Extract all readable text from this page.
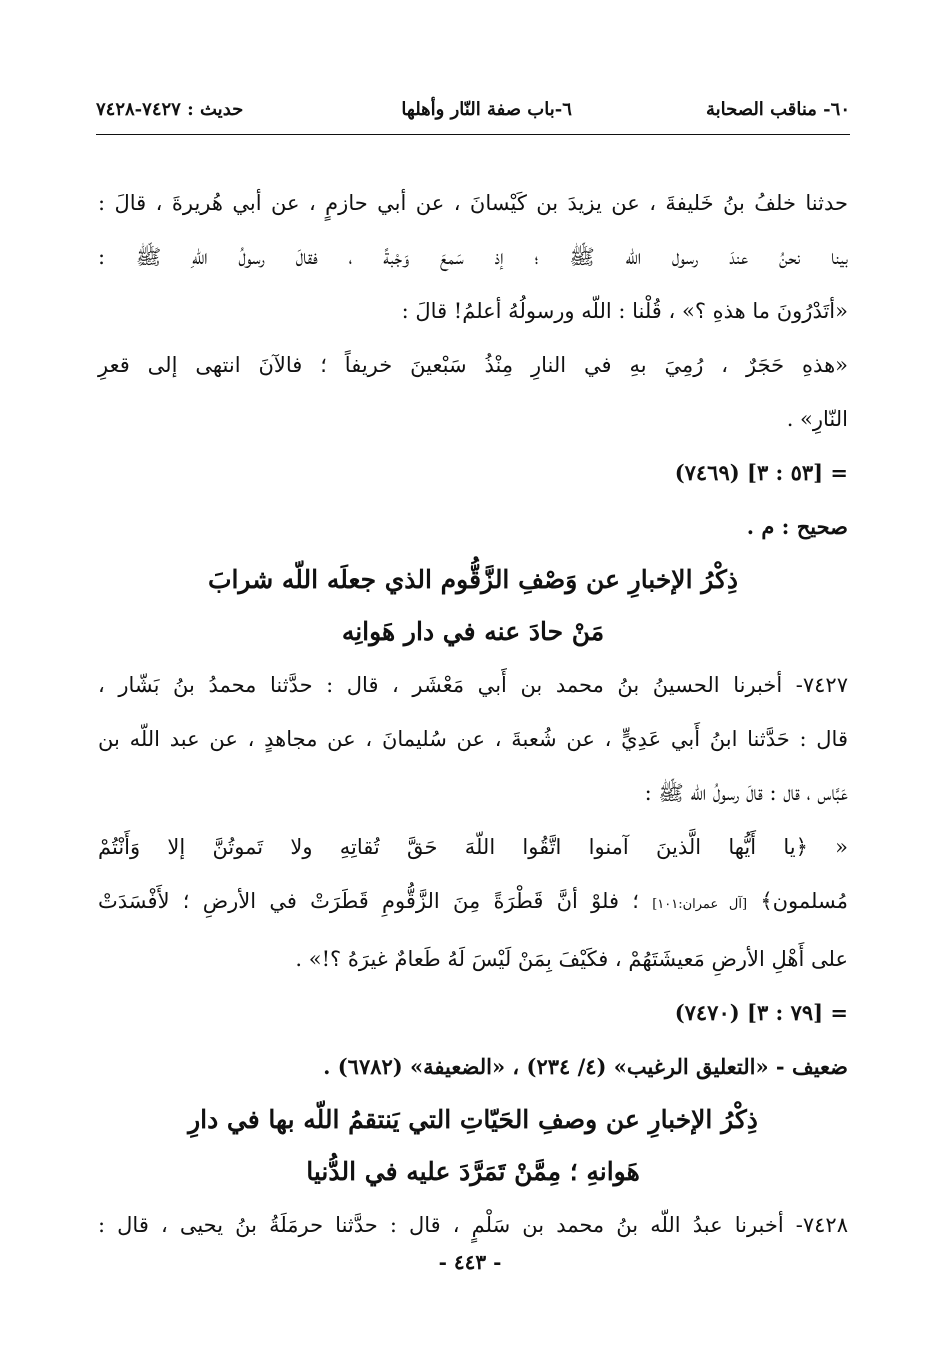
٦٠- مناقب الصحابة
٦-باب صفة النّار وأهلها
حديث : ٧٤٢٧-٧٤٢٨
حدثنا خلفُ بنُ خَليفةَ ، عن يزيدَ بن كَيْسانَ ، عن أبي حازمٍ ، عن أبي هُريرةَ ، قالَ :
بينا نحنُ عندَ رسول اللّه ﷺ ؛ إذ سَمعَ وَجْبةً ، فقالَ رسولُ اللّهِ ﷺ :
«أتَدْرُونَ ما هذهِ ؟» ، قُلْنا : اللّه ورسولُهُ أعلمُ! قالَ :
«هذهِ حَجَرٌ ، رُمِيَ بهِ في النارِ مِنْذُ سَبْعينَ خريفاً ؛ فالآنَ انتهى إلى قعرِ
النّارِ» .
= [٥٣ : ٣] (٧٤٦٩)
صحيح : م .
ذِكْرُ الإخبارِ عن وَصْفِ الزَّقُّوم الذي جعلَه اللّه شرابَ
مَنْ حادَ عنه في دار هَوانِه
٧٤٢٧- أخبرنا الحسينُ بنُ محمد بن أَبي مَعْشَر ، قال : حدَّثنا محمدُ بنُ بَشّار ،
قال : حَدَّثنا ابنُ أَبي عَدِيٍّ ، عن شُعبةَ ، عن سُليمانَ ، عن مجاهدٍ ، عن عبد اللّه بن
عَبَّاس ، قال : قالَ رسولُ اللّه ﷺ :
« ﴿يا أَيُّها الَّذينَ آمنوا اتَّقُوا اللّهَ حَقَّ تُقاتِهِ ولا تَموتُنَّ إلا وَأَنْتُمْ
مُسلمون﴾ [آل عمران:١٠١] ؛ فلوْ أنَّ قَطْرَةً مِنَ الزَّقُّومِ قَطَرَتْ في الأرضِ ؛ لأَفْسَدَتْ
على أَهْلِ الأرضِ مَعيشَتَهُمْ ، فكَيْفَ بِمَنْ لَيْسَ لَهُ طَعامٌ غيرَهُ ؟!» .
= [٧٩ : ٣] (٧٤٧٠)
ضعيف - «التعليق الرغيب» (٤/ ٢٣٤) ، «الضعيفة» (٦٧٨٢) .
ذِكْرُ الإخبارِ عن وصفِ الحَيّاتِ التي يَنتقمُ اللّه بها في دارِ
هَوانهِ ؛ مِمَّنْ تَمَرَّدَ عليه في الدُّنيا
٧٤٢٨- أخبرنا عبدُ اللّه بنُ محمد بن سَلْمٍ ، قال : حدَّثنا حرمَلَةُ بنُ يحيى ، قال :
- ٤٤٣ -
